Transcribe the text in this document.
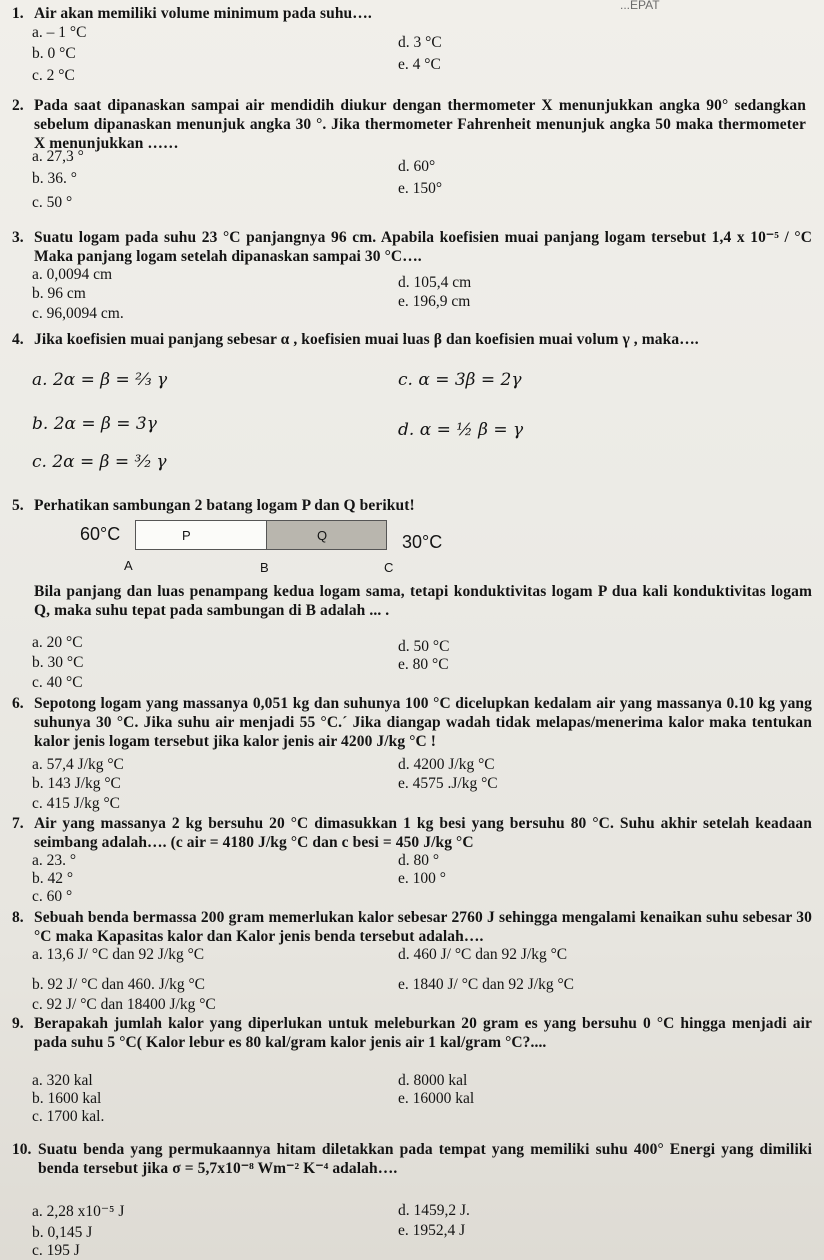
...EPAT
1. Air akan memiliki volume minimum pada suhu….
a. – 1 °C
b. 0 °C
c. 2 °C
d. 3 °C
e. 4 °C
2. Pada saat dipanaskan sampai air mendidih diukur dengan thermometer X menunjukkan angka 90° sedangkan sebelum dipanaskan menunjuk angka 30 °. Jika thermometer Fahrenheit menunjuk angka 50 maka thermometer X menunjukkan ……
a. 27,3 °
b. 36. °
c. 50 °
d. 60°
e. 150°
3. Suatu logam pada suhu 23 °C panjangnya 96 cm. Apabila koefisien muai panjang logam tersebut 1,4 x 10⁻⁵ / °C Maka panjang logam setelah dipanaskan sampai 30 °C….
a. 0,0094 cm
b. 96 cm
c. 96,0094 cm.
d. 105,4 cm
e. 196,9 cm
4. Jika koefisien muai panjang sebesar α , koefisien muai luas β dan koefisien muai volum γ , maka….
a. 2α = β = ²⁄₃ γ
b. 2α = β = 3γ
c. 2α = β = ³⁄₂ γ
c. α = 3β = 2γ
d. α = ½ β = γ
5. Perhatikan sambungan 2 batang logam P dan Q berikut!
60°C	P	Q	30°C
A	B	C
Bila panjang dan luas penampang kedua logam sama, tetapi konduktivitas logam P dua kali konduktivitas logam Q, maka suhu tepat pada sambungan di B adalah ... .
a. 20 °C
b. 30 °C
c. 40 °C
d. 50 °C
e. 80 °C
6. Sepotong logam yang massanya 0,051 kg dan suhunya 100 °C dicelupkan kedalam air yang massanya 0.10 kg yang suhunya 30 °C. Jika suhu air menjadi 55 °C.´ Jika diangap wadah tidak melapas/menerima kalor maka tentukan kalor jenis logam tersebut jika kalor jenis air 4200 J/kg °C !
a. 57,4 J/kg °C
b. 143 J/kg °C
c. 415 J/kg °C
d. 4200 J/kg °C
e. 4575 .J/kg °C
7. Air yang massanya 2 kg bersuhu 20 °C dimasukkan 1 kg besi yang bersuhu 80 °C. Suhu akhir setelah keadaan seimbang adalah…. (c air = 4180 J/kg °C dan c besi = 450 J/kg °C
a. 23. °
b. 42 °
c. 60 °
d. 80 °
e. 100 °
8. Sebuah benda bermassa 200 gram memerlukan kalor sebesar 2760 J sehingga mengalami kenaikan suhu sebesar 30 °C maka Kapasitas kalor dan Kalor jenis benda tersebut adalah….
a. 13,6 J/ °C dan 92 J/kg °C
b. 92 J/ °C dan 460. J/kg °C
c. 92 J/ °C dan 18400 J/kg °C
d. 460 J/ °C dan 92 J/kg °C
e. 1840 J/ °C dan 92 J/kg °C
9. Berapakah jumlah kalor yang diperlukan untuk meleburkan 20 gram es yang bersuhu 0 °C hingga menjadi air pada suhu 5 °C( Kalor lebur es 80 kal/gram kalor jenis air 1 kal/gram °C?....
a. 320 kal
b. 1600 kal
c. 1700 kal.
d. 8000 kal
e. 16000 kal
10. Suatu benda yang permukaannya hitam diletakkan pada tempat yang memiliki suhu 400° Energi yang dimiliki benda tersebut jika σ = 5,7x10⁻⁸ Wm⁻² K⁻⁴ adalah….
a. 2,28 x10⁻⁵ J
b. 0,145 J
c. 195 J
d. 1459,2 J.
e. 1952,4 J
